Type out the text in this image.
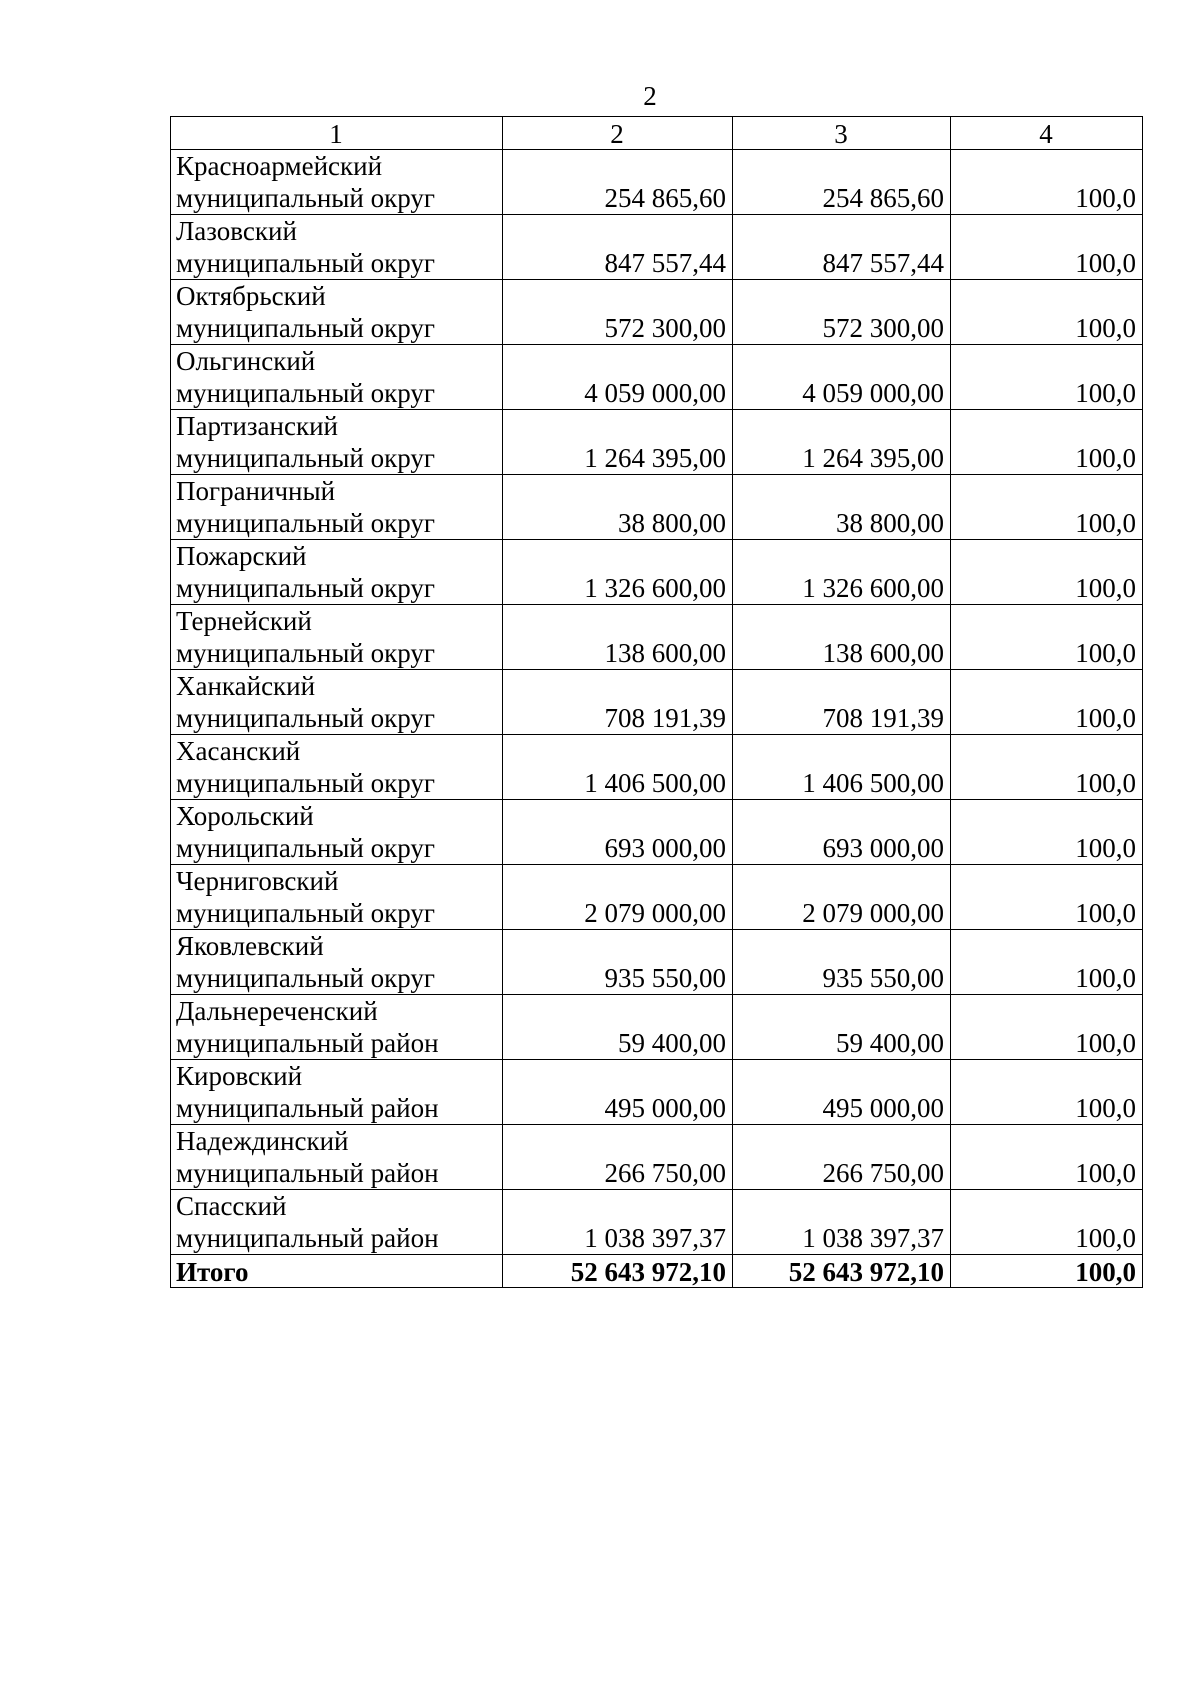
2
1	2	3	4

Красноармейский
муниципальный округ	254 865,60	254 865,60	100,0

Лазовский
муниципальный округ	847 557,44	847 557,44	100,0

Октябрьский
муниципальный округ	572 300,00	572 300,00	100,0

Ольгинский
муниципальный округ	4 059 000,00	4 059 000,00	100,0

Партизанский
муниципальный округ	1 264 395,00	1 264 395,00	100,0

Пограничный
муниципальный округ	38 800,00	38 800,00	100,0

Пожарский
муниципальный округ	1 326 600,00	1 326 600,00	100,0

Тернейский
муниципальный округ	138 600,00	138 600,00	100,0

Ханкайский
муниципальный округ	708 191,39	708 191,39	100,0

Хасанский
муниципальный округ	1 406 500,00	1 406 500,00	100,0

Хорольский
муниципальный округ	693 000,00	693 000,00	100,0

Черниговский
муниципальный округ	2 079 000,00	2 079 000,00	100,0

Яковлевский
муниципальный округ	935 550,00	935 550,00	100,0

Дальнереченский
муниципальный район	59 400,00	59 400,00	100,0

Кировский
муниципальный район	495 000,00	495 000,00	100,0

Надеждинский
муниципальный район	266 750,00	266 750,00	100,0

Спасский
муниципальный район	1 038 397,37	1 038 397,37	100,0
Итого	52 643 972,10	52 643 972,10	100,0
